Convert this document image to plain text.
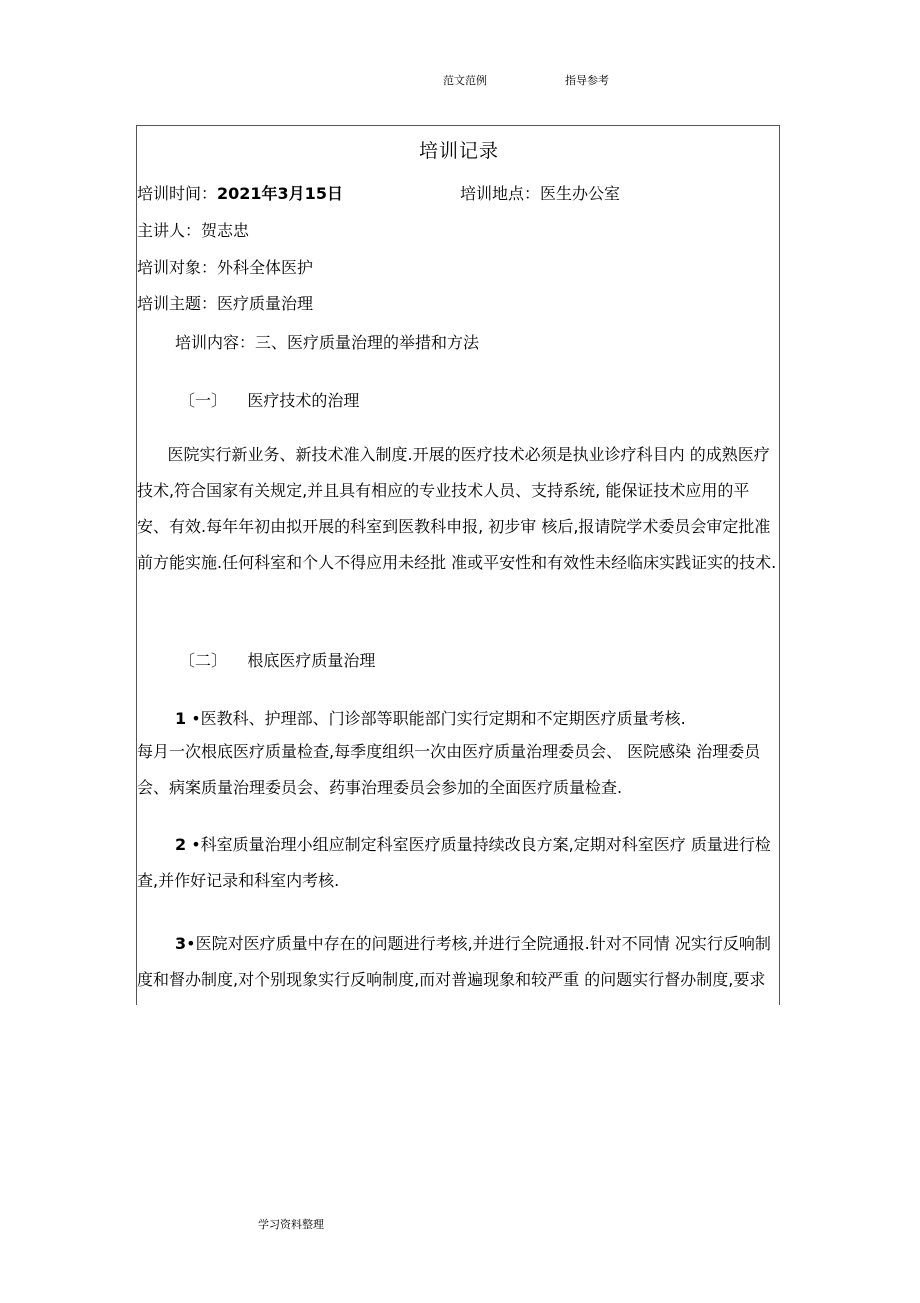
范文范例	指导参考
培训记录
培训时间：2021年3月15日	培训地点：医生办公室
主讲人：贺志忠
培训对象：外科全体医护
培训主题：医疗质量治理
培训内容：三、医疗质量治理的举措和方法
〔一〕    医疗技术的治理
医院实行新业务、新技术准入制度.开展的医疗技术必须是执业诊疗科目内 的成熟医疗技术,符合国家有关规定,并且具有相应的专业技术人员、支持系统, 能保证技术应用的平安、有效.每年年初由拟开展的科室到医教科申报, 初步审 核后,报请院学术委员会审定批准前方能实施.任何科室和个人不得应用未经批 准或平安性和有效性未经临床实践证实的技术.
〔二〕    根底医疗质量治理
1 •医教科、护理部、门诊部等职能部门实行定期和不定期医疗质量考核.
每月一次根底医疗质量检查,每季度组织一次由医疗质量治理委员会、 医院感染 治理委员会、病案质量治理委员会、药事治理委员会参加的全面医疗质量检查.
2 •科室质量治理小组应制定科室医疗质量持续改良方案,定期对科室医疗 质量进行检查,并作好记录和科室内考核.
3•医院对医疗质量中存在的问题进行考核,并进行全院通报.针对不同情 况实行反响制度和督办制度,对个别现象实行反响制度,而对普遍现象和较严重 的问题实行督办制度,要求
学习资料整理
